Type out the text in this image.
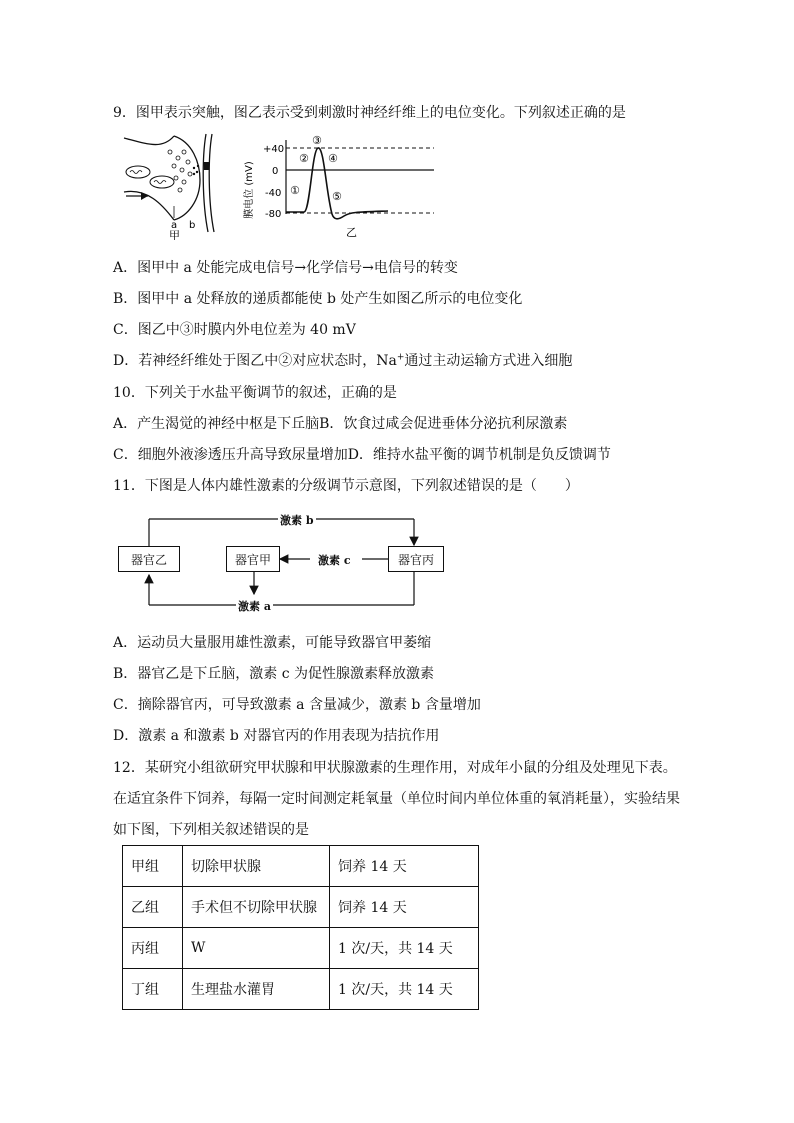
9．图甲表示突触，图乙表示受到刺激时神经纤维上的电位变化。下列叙述正确的是
a b
甲
膜电位 (mV)
+40
0
-40
-80
①
②
③
④
⑤
乙
A．图甲中 a 处能完成电信号→化学信号→电信号的转变
B．图甲中 a 处释放的递质都能使 b 处产生如图乙所示的电位变化
C．图乙中③时膜内外电位差为 40 mV
D．若神经纤维处于图乙中②对应状态时，Na+通过主动运输方式进入细胞
10．下列关于水盐平衡调节的叙述，正确的是
A．产生渴觉的神经中枢是下丘脑B．饮食过咸会促进垂体分泌抗利尿激素
C．细胞外液渗透压升高导致尿量增加D．维持水盐平衡的调节机制是负反馈调节
11．下图是人体内雄性激素的分级调节示意图，下列叙述错误的是（　　）
器官乙	器官甲	器官丙
激素 b
激素 c
激素 a
A．运动员大量服用雄性激素，可能导致器官甲萎缩
B．器官乙是下丘脑，激素 c 为促性腺激素释放激素
C．摘除器官丙，可导致激素 a 含量减少，激素 b 含量增加
D．激素 a 和激素 b 对器官丙的作用表现为拮抗作用
12．某研究小组欲研究甲状腺和甲状腺激素的生理作用，对成年小鼠的分组及处理见下表。
在适宜条件下饲养，每隔一定时间测定耗氧量（单位时间内单位体重的氧消耗量），实验结果
如下图，下列相关叙述错误的是
甲组	切除甲状腺	饲养 14 天
乙组	手术但不切除甲状腺	饲养 14 天
丙组	W	1 次/天，共 14 天
丁组	生理盐水灌胃	1 次/天，共 14 天
